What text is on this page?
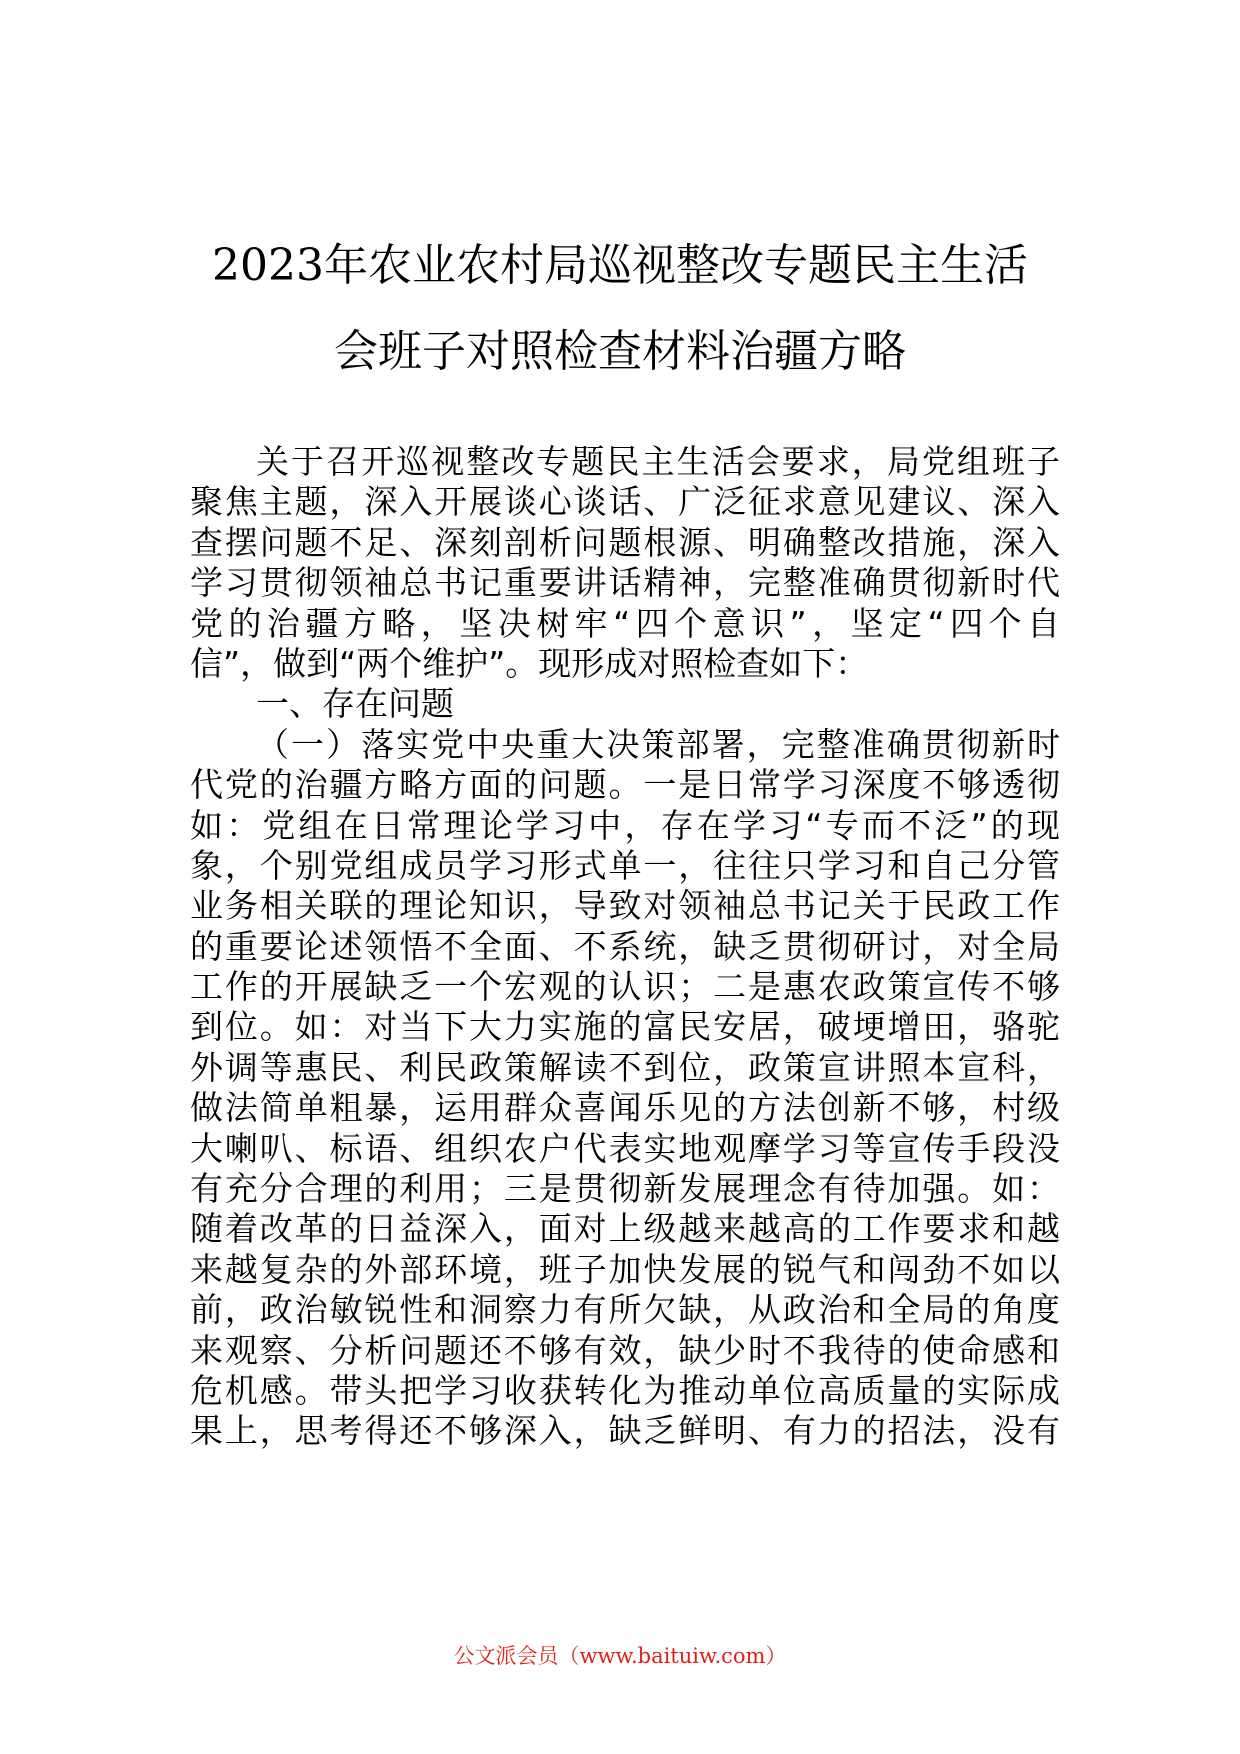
2023年农业农村局巡视整改专题民主生活
会班子对照检查材料治疆方略
关于召开巡视整改专题民主生活会要求，局党组班子
聚焦主题，深入开展谈心谈话、广泛征求意见建议、深入
查摆问题不足、深刻剖析问题根源、明确整改措施，深入
学习贯彻领袖总书记重要讲话精神，完整准确贯彻新时代
党的治疆方略，坚决树牢“四个意识”，坚定“四个自
信”，做到“两个维护”。现形成对照检查如下：
一、存在问题
（一）落实党中央重大决策部署，完整准确贯彻新时
代党的治疆方略方面的问题。一是日常学习深度不够透彻
如：党组在日常理论学习中，存在学习“专而不泛”的现
象，个别党组成员学习形式单一，往往只学习和自己分管
业务相关联的理论知识，导致对领袖总书记关于民政工作
的重要论述领悟不全面、不系统，缺乏贯彻研讨，对全局
工作的开展缺乏一个宏观的认识；二是惠农政策宣传不够
到位。如：对当下大力实施的富民安居，破埂增田，骆驼
外调等惠民、利民政策解读不到位，政策宣讲照本宣科，
做法简单粗暴，运用群众喜闻乐见的方法创新不够，村级
大喇叭、标语、组织农户代表实地观摩学习等宣传手段没
有充分合理的利用；三是贯彻新发展理念有待加强。如：
随着改革的日益深入，面对上级越来越高的工作要求和越
来越复杂的外部环境，班子加快发展的锐气和闯劲不如以
前，政治敏锐性和洞察力有所欠缺，从政治和全局的角度
来观察、分析问题还不够有效，缺少时不我待的使命感和
危机感。带头把学习收获转化为推动单位高质量的实际成
果上，思考得还不够深入，缺乏鲜明、有力的招法，没有
公文派会员（www.baituiw.com）
